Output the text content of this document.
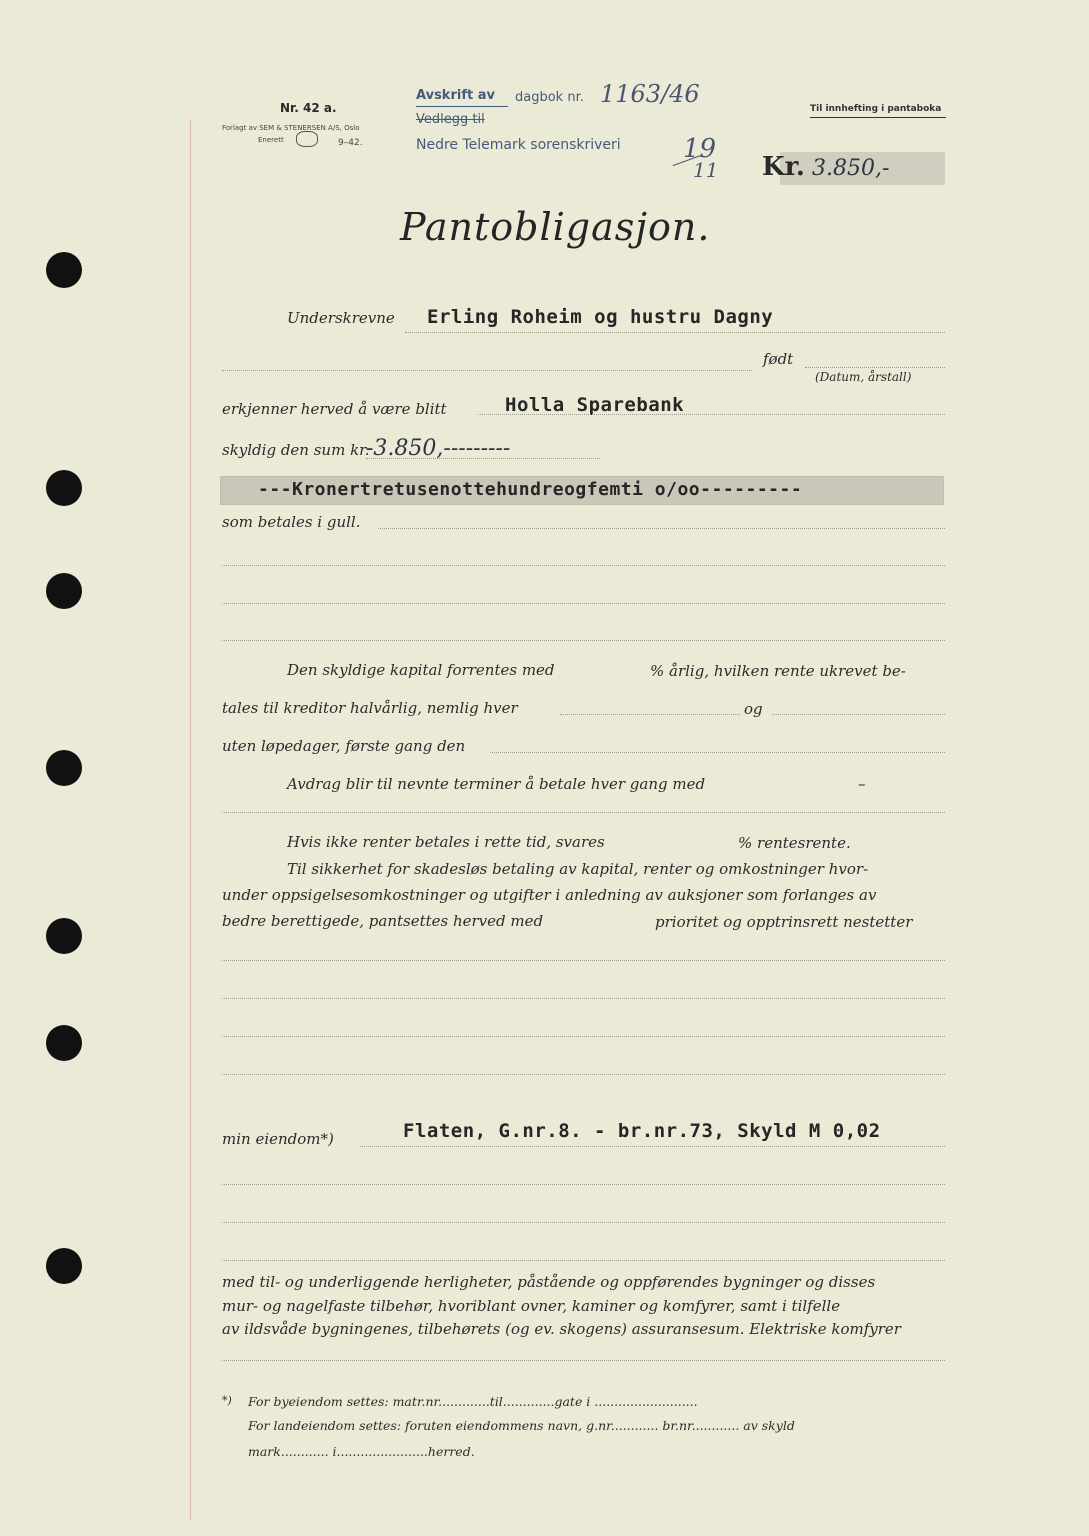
Nr. 42 a.
Forlagt av SEM & STENERSEN A/S, Oslo
Enerett	9–42.
Avskrift av dagbok nr.
Vedlegg til
Nedre Telemark sorenskriveri
1163/46
19
11
Til innhefting i pantaboka
Kr. 3.850,-
Pantobligasjon.
Underskrevne Erling Roheim og hustru Dagny
født
(Datum, årstall)
erkjenner herved å være blitt	Holla Sparebank
skyldig den sum kr.
-3.850,---------
---Kronertretusenottehundreogfemti o/oo---------
som betales i gull.
Den skyldige kapital forrentes med	% årlig, hvilken rente ukrevet be-
tales til kreditor halvårlig, nemlig hver	og
uten løpedager, første gang den
Avdrag blir til nevnte terminer å betale hver gang med	–
Hvis ikke renter betales i rette tid, svares	% rentesrente.
Til sikkerhet for skadesløs betaling av kapital, renter og omkostninger hvor-
under oppsigelsesomkostninger og utgifter i anledning av auksjoner som forlanges av
bedre berettigede, pantsettes herved med	prioritet og opptrinsrett nestetter
min eiendom*)	Flaten, G.nr.8. - br.nr.73, Skyld M 0,02
med til- og underliggende herligheter, påstående og oppførendes bygninger og disses
mur- og nagelfaste tilbehør, hvoriblant ovner, kaminer og komfyrer, samt i tilfelle
av ildsvåde bygningenes, tilbehørets (og ev. skogens) assuransesum. Elektriske komfyrer
*) For byeiendom settes: matr.nr.............til.............gate i ..........................
For landeiendom settes: foruten eiendommens navn, g.nr............ br.nr............ av skyld
mark............ i.......................herred.
